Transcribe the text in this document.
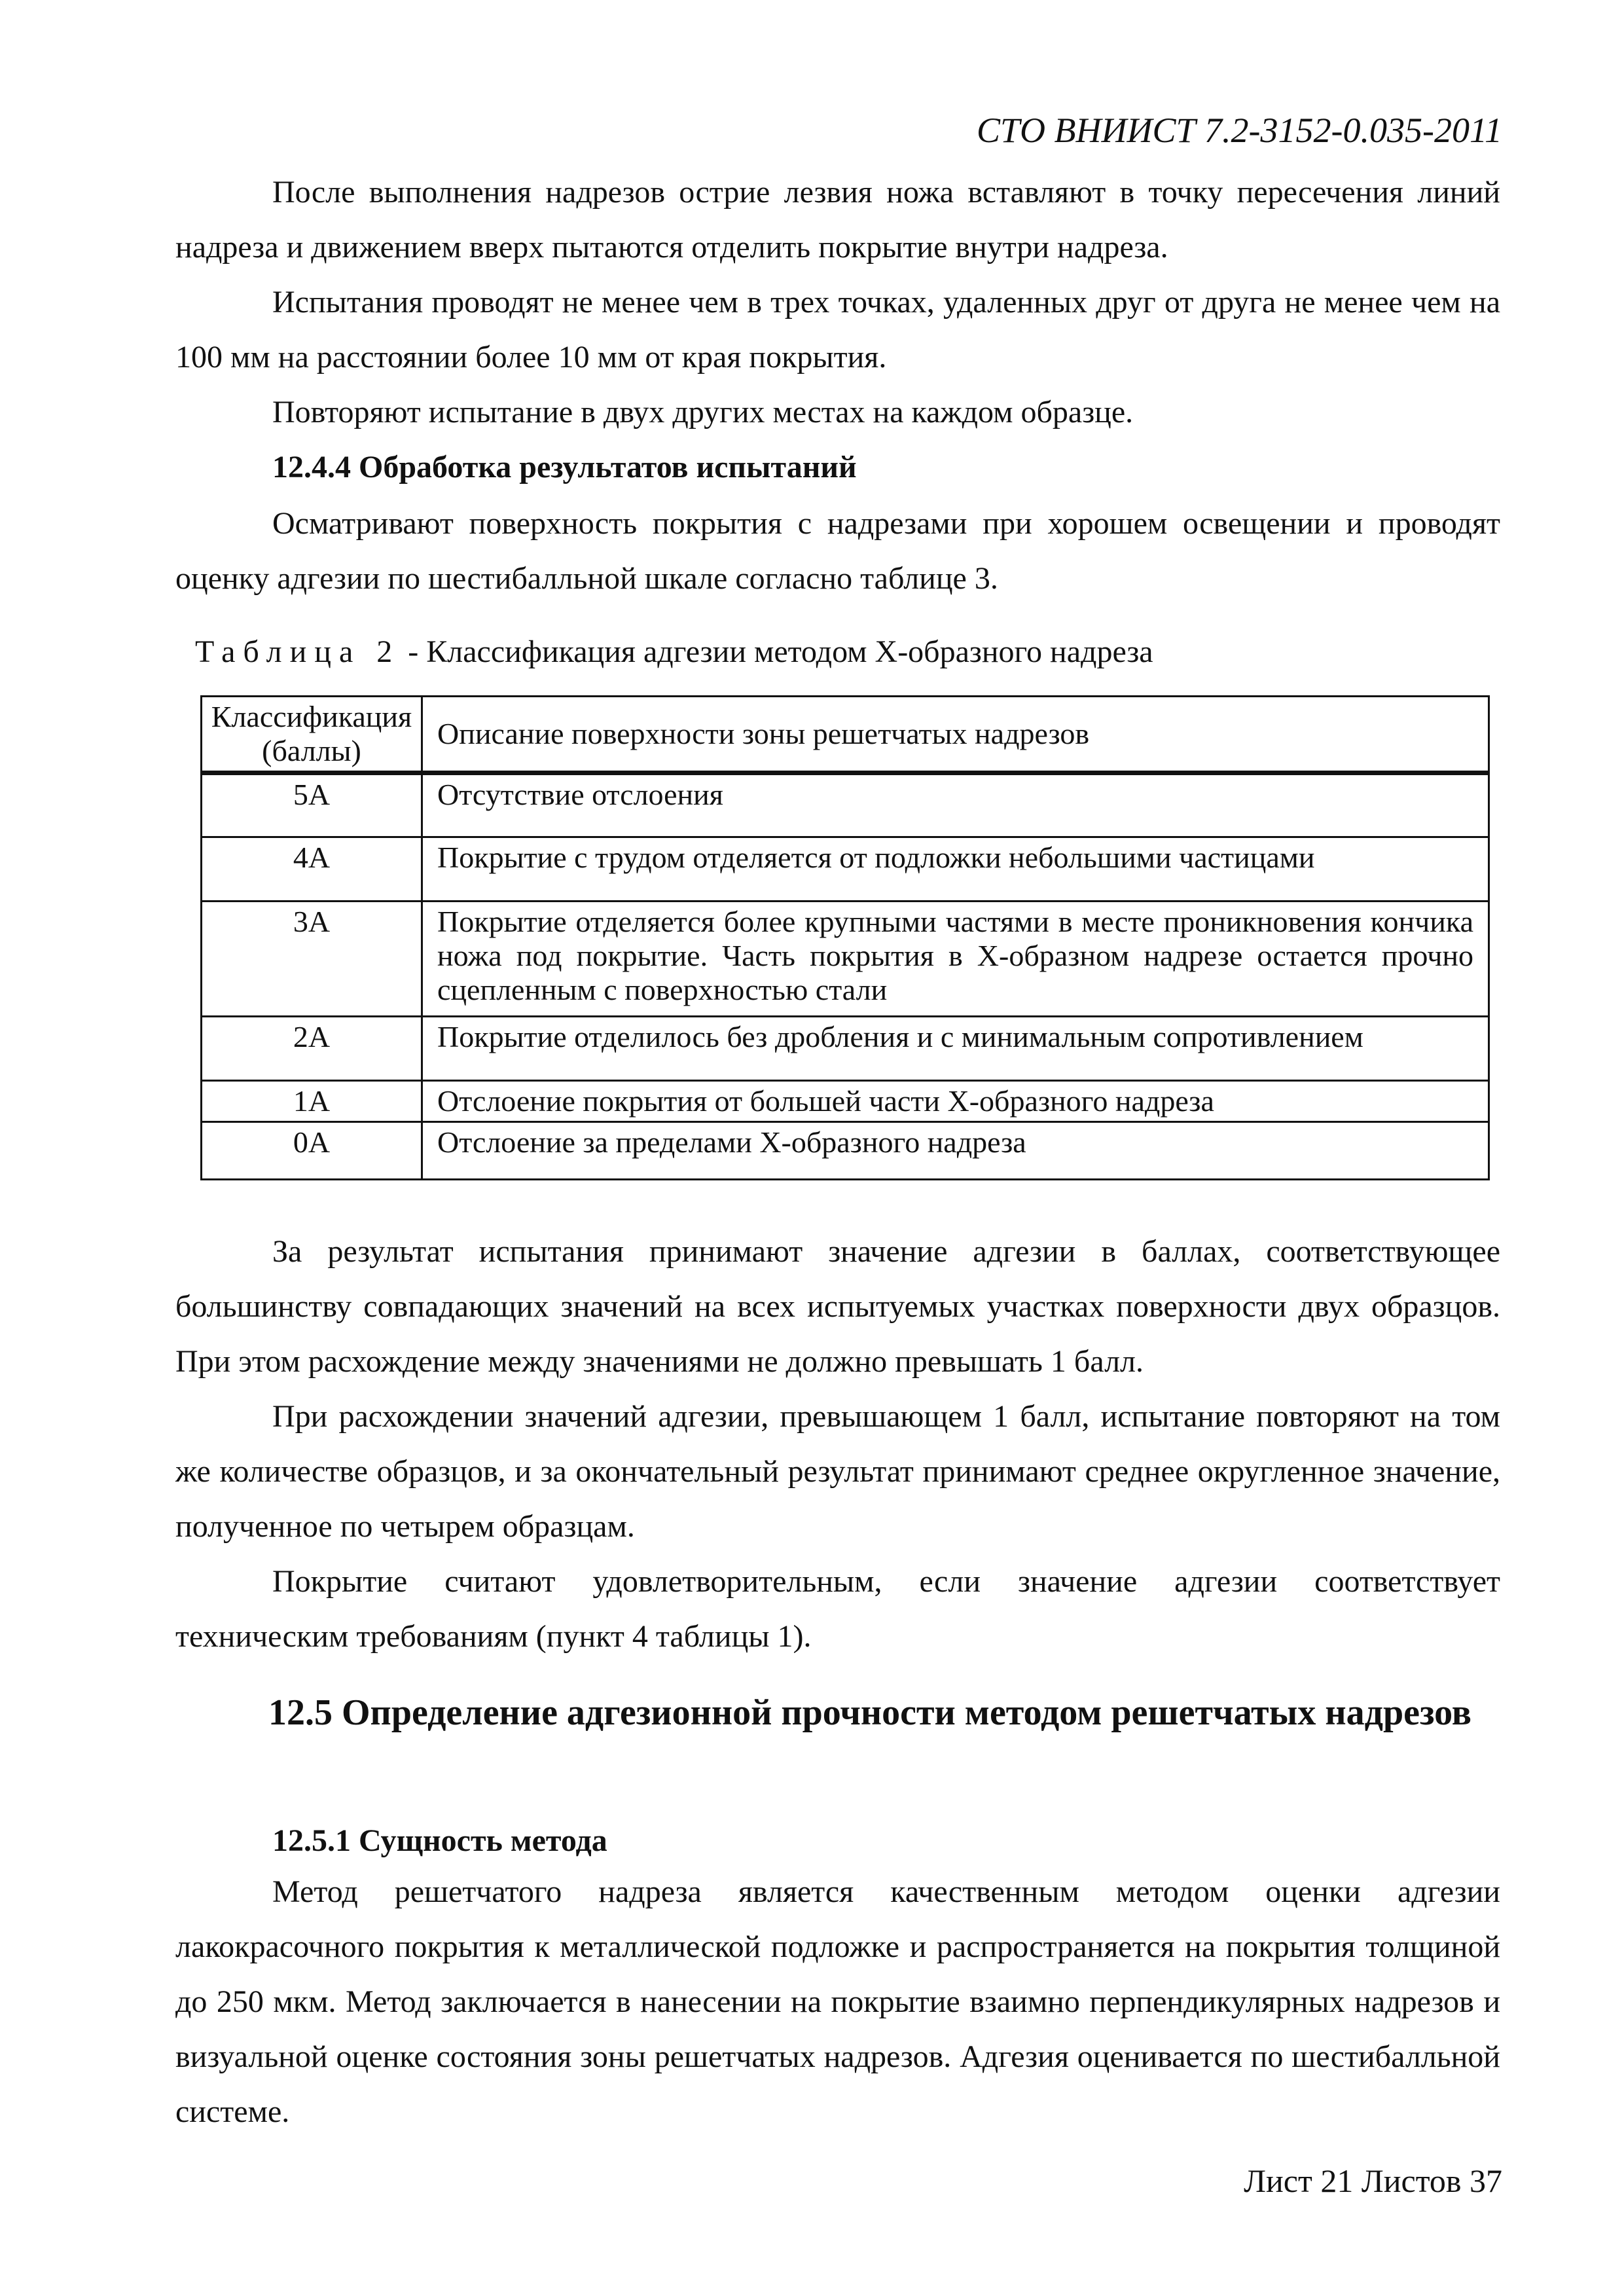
СТО ВНИИСТ 7.2-3152-0.035-2011

После выполнения надрезов острие лезвия ножа вставляют в точку пересечения линий надреза и движением вверх пытаются отделить покрытие внутри надреза.

Испытания проводят не менее чем в трех точках, удаленных друг от друга не менее чем на 100 мм на расстоянии более 10 мм от края покрытия.

Повторяют испытание в двух других местах на каждом образце.

12.4.4 Обработка результатов испытаний

Осматривают поверхность покрытия с надрезами при хорошем освещении и проводят оценку адгезии по шестибалльной шкале согласно таблице 3.

Таблица 2 - Классификация адгезии методом Х-образного надреза
Классификация (баллы)	Описание поверхности зоны решетчатых надрезов
5А	Отсутствие отслоения
4А	Покрытие с трудом отделяется от подложки небольшими частицами
3А	Покрытие отделяется более крупными частями в месте проникновения кончика ножа под покрытие. Часть покрытия в Х-образном надрезе остается прочно сцепленным с поверхностью стали
2А	Покрытие отделилось без дробления и с минимальным сопротивлением
1А	Отслоение покрытия от большей части Х-образного надреза
0А	Отслоение за пределами Х-образного надреза

За результат испытания принимают значение адгезии в баллах, соответствующее большинству совпадающих значений на всех испытуемых участках поверхности двух образцов. При этом расхождение между значениями не должно превышать 1 балл.

При расхождении значений адгезии, превышающем 1 балл, испытание повторяют на том же количестве образцов, и за окончательный результат принимают среднее округленное значение, полученное по четырем образцам.

Покрытие считают удовлетворительным, если значение адгезии соответствует техническим требованиям (пункт 4 таблицы 1).

12.5 Определение адгезионной прочности методом решетчатых надрезов

12.5.1 Сущность метода

Метод решетчатого надреза является качественным методом оценки адгезии лакокрасочного покрытия к металлической подложке и распространяется на покрытия толщиной до 250 мкм. Метод заключается в нанесении на покрытие взаимно перпендикулярных надрезов и визуальной оценке состояния зоны решетчатых надрезов. Адгезия оценивается по шестибалльной системе.

Лист 21 Листов 37
